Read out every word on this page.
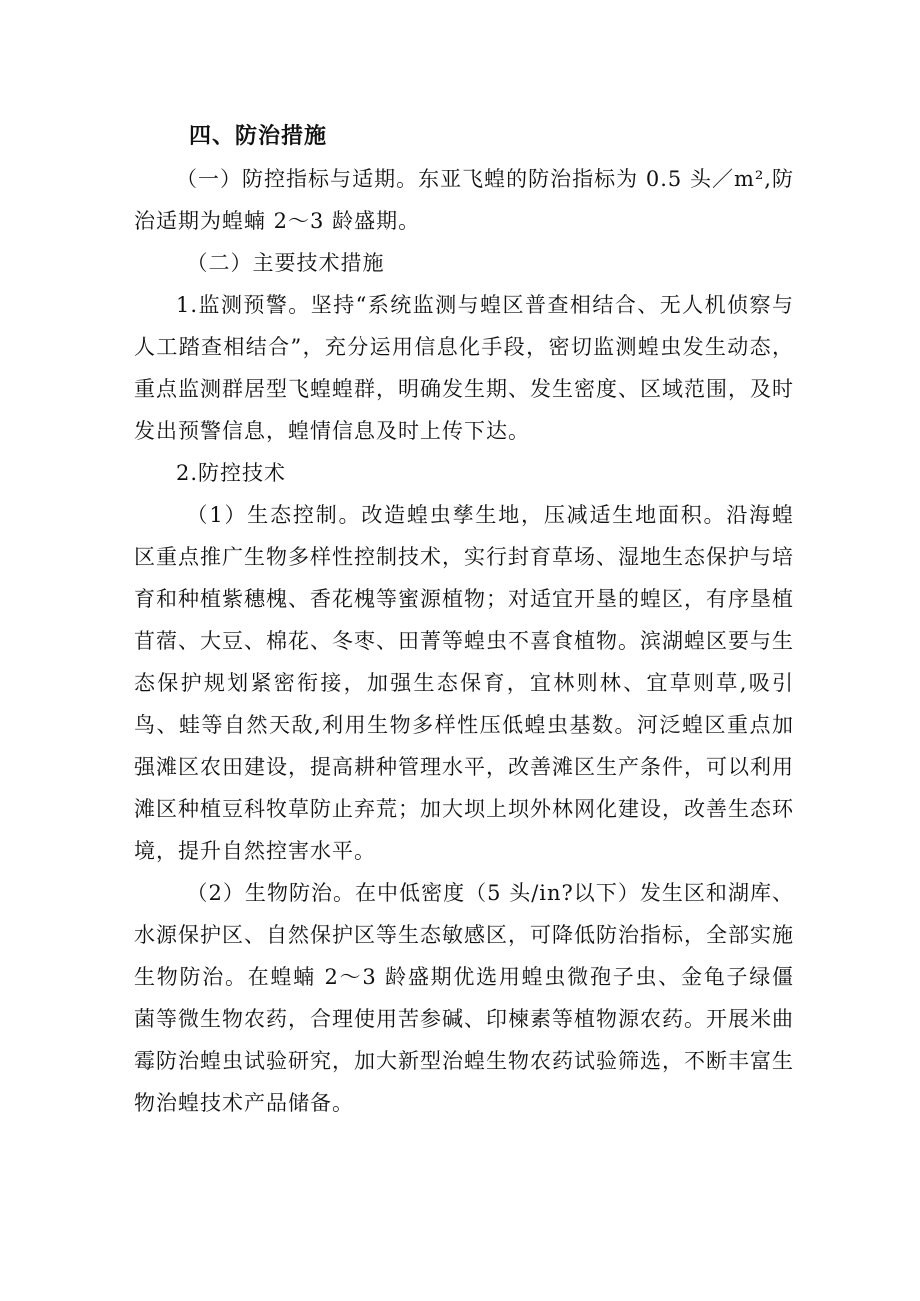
四、防治措施

（一）防控指标与适期。东亚飞蝗的防治指标为 0.5 头／m²,防治适期为蝗蝻 2～3 龄盛期。

（二）主要技术措施

1.监测预警。坚持“系统监测与蝗区普查相结合、无人机侦察与人工踏查相结合”，充分运用信息化手段，密切监测蝗虫发生动态，重点监测群居型飞蝗蝗群，明确发生期、发生密度、区域范围，及时发出预警信息，蝗情信息及时上传下达。

2.防控技术

（1）生态控制。改造蝗虫孳生地，压减适生地面积。沿海蝗区重点推广生物多样性控制技术，实行封育草场、湿地生态保护与培育和种植紫穗槐、香花槐等蜜源植物；对适宜开垦的蝗区，有序垦植苜蓿、大豆、棉花、冬枣、田菁等蝗虫不喜食植物。滨湖蝗区要与生态保护规划紧密衔接，加强生态保育，宜林则林、宜草则草,吸引鸟、蛙等自然天敌,利用生物多样性压低蝗虫基数。河泛蝗区重点加强滩区农田建设，提高耕种管理水平，改善滩区生产条件，可以利用滩区种植豆科牧草防止弃荒；加大坝上坝外林网化建设，改善生态环境，提升自然控害水平。

（2）生物防治。在中低密度（5 头/in?以下）发生区和湖库、水源保护区、自然保护区等生态敏感区，可降低防治指标，全部实施生物防治。在蝗蝻 2～3 龄盛期优选用蝗虫微孢子虫、金龟子绿僵菌等微生物农药，合理使用苦参碱、印楝素等植物源农药。开展米曲霉防治蝗虫试验研究，加大新型治蝗生物农药试验筛选，不断丰富生物治蝗技术产品储备。
